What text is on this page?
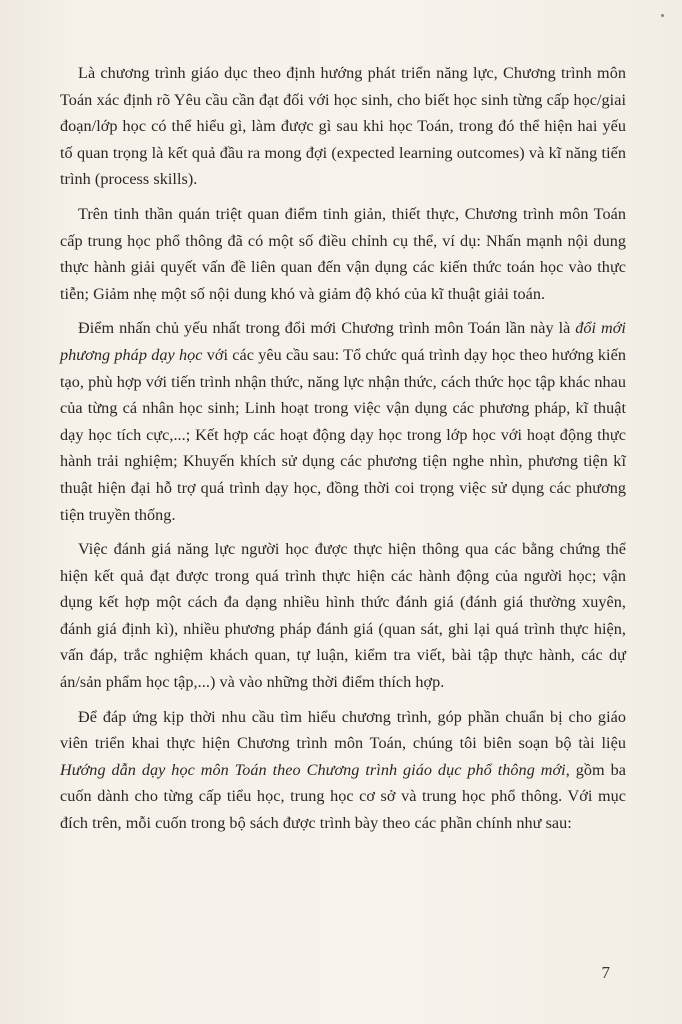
Là chương trình giáo dục theo định hướng phát triển năng lực, Chương trình môn Toán xác định rõ Yêu cầu cần đạt đối với học sinh, cho biết học sinh từng cấp học/giai đoạn/lớp học có thể hiểu gì, làm được gì sau khi học Toán, trong đó thể hiện hai yếu tố quan trọng là kết quả đầu ra mong đợi (expected learning outcomes) và kĩ năng tiến trình (process skills).

Trên tinh thần quán triệt quan điểm tinh giản, thiết thực, Chương trình môn Toán cấp trung học phổ thông đã có một số điều chỉnh cụ thể, ví dụ: Nhấn mạnh nội dung thực hành giải quyết vấn đề liên quan đến vận dụng các kiến thức toán học vào thực tiễn; Giảm nhẹ một số nội dung khó và giảm độ khó của kĩ thuật giải toán.

Điểm nhấn chủ yếu nhất trong đổi mới Chương trình môn Toán lần này là đổi mới phương pháp dạy học với các yêu cầu sau: Tổ chức quá trình dạy học theo hướng kiến tạo, phù hợp với tiến trình nhận thức, năng lực nhận thức, cách thức học tập khác nhau của từng cá nhân học sinh; Linh hoạt trong việc vận dụng các phương pháp, kĩ thuật dạy học tích cực,...; Kết hợp các hoạt động dạy học trong lớp học với hoạt động thực hành trải nghiệm; Khuyến khích sử dụng các phương tiện nghe nhìn, phương tiện kĩ thuật hiện đại hỗ trợ quá trình dạy học, đồng thời coi trọng việc sử dụng các phương tiện truyền thống.

Việc đánh giá năng lực người học được thực hiện thông qua các bằng chứng thể hiện kết quả đạt được trong quá trình thực hiện các hành động của người học; vận dụng kết hợp một cách đa dạng nhiều hình thức đánh giá (đánh giá thường xuyên, đánh giá định kì), nhiều phương pháp đánh giá (quan sát, ghi lại quá trình thực hiện, vấn đáp, trắc nghiệm khách quan, tự luận, kiểm tra viết, bài tập thực hành, các dự án/sản phẩm học tập,...) và vào những thời điểm thích hợp.

Để đáp ứng kịp thời nhu cầu tìm hiểu chương trình, góp phần chuẩn bị cho giáo viên triển khai thực hiện Chương trình môn Toán, chúng tôi biên soạn bộ tài liệu Hướng dẫn dạy học môn Toán theo Chương trình giáo dục phổ thông mới, gồm ba cuốn dành cho từng cấp tiểu học, trung học cơ sở và trung học phổ thông. Với mục đích trên, mỗi cuốn trong bộ sách được trình bày theo các phần chính như sau:

7
